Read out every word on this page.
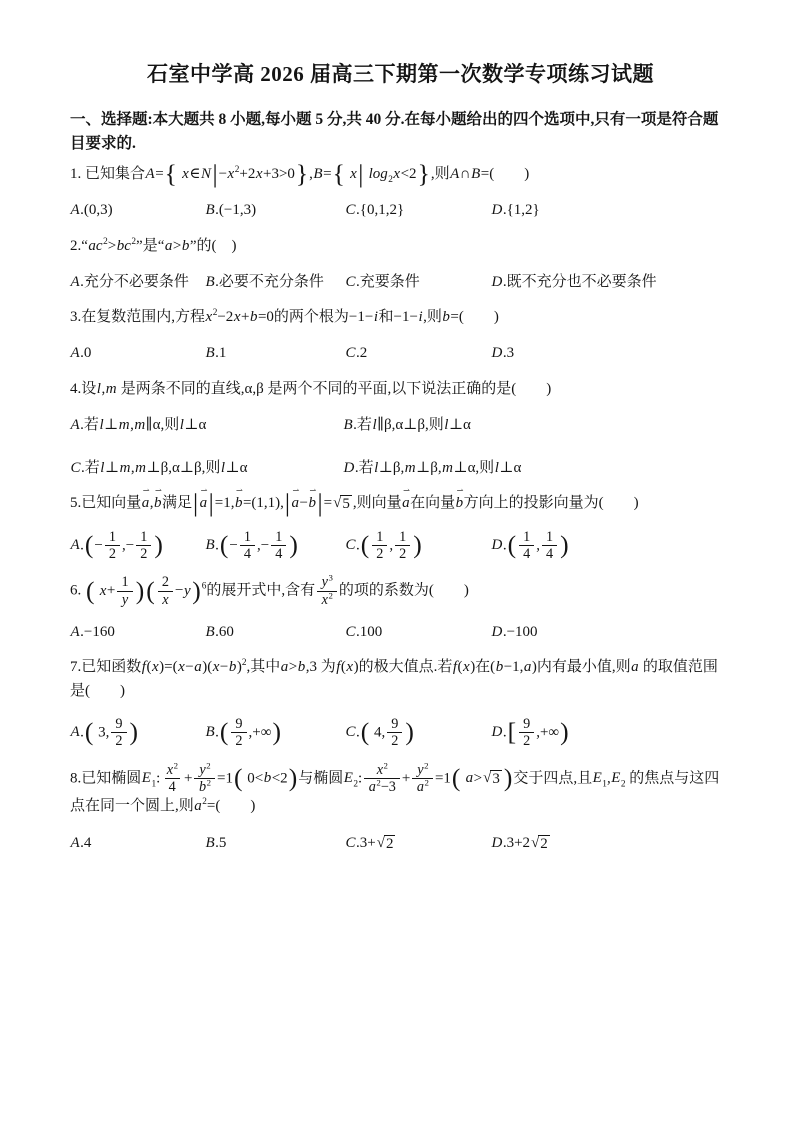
石室中学高 2026 届高三下期第一次数学专项练习试题

一、选择题:本大题共 8 小题,每小题 5 分,共 40 分.在每小题给出的四个选项中,只有一项是符合题目要求的.

1. 已知集合A={ $x\in N|-x^2+2x+3>0\},B=${ x| $\log_2x<2$},则A∩B=(　　)

A.(0,3)	B.(−1,3)	C.{0,1,2}	D.{1,2}

$2.“ac^2>bc^2$”是“a>b”的(　)

A.充分不必要条件	B.必要不充分条件	C.充要条件	D.既不充分也不必要条件

3.在复数范围内,方程$x^2-2x+b=0$的两个根为−1−i和−1−i,则b=(　　)

A.0	B.1	C.2	D.3

4.设l,m 是两条不同的直线,α,β 是两个不同的平面,以下说法正确的是(　　)

A.若l⊥m,m∥α,则l⊥α	B.若l∥β,α⊥β,则l⊥α
C.若l⊥m,m⊥β,α⊥β,则l⊥α	D.若l⊥β,m⊥β,m⊥α,则l⊥α

5.已知向量
⇀
a,
⇀
b满足| ⇀
a|=1,
⇀
b=(1,1),| ⇀
a−
⇀
b|= √ 5 ,则向量
⇀
a在向量
⇀
b方向上的投影向量为(　　)

$A.(- \frac{1}{2}$ ,− $\frac{1}{2}$ )	$B.(- \frac{1}{4}$ ,− $\frac{1}{4}$ )	$C.( \frac{1}{2}$ , $\frac{1}{2}$ )	$D.( \frac{1}{4}$ , $\frac{1}{4}$ )

6. ( $x+ \frac{1}{y}$ )( $\frac{2}{x} -y)^6$的展开式中,含有 $\frac{y^3}{x^2}$ 的项的系数为(　　)

A.−160	B.60	C.100	D.−100

7.已知函数$f(x)=(x-a)(x-b)^2$,其中a>b,3 为f(x)的极大值点.若f(x)在(b−1,a)内有最小值,则a 的取值范围是(　　)

A.( 3, $\frac{9}{2}$ )	$B.( \frac{9}{2}$ ,+∞)	C.( 4, $\frac{9}{2}$ )	$D.[ \frac{9}{2}$ ,+∞)

8.已知椭圆$E_1$: $\frac{x^2}{4} + \frac{y^2}{b^2} =1$( 0<b<2)与椭圆$E_2$: $\frac{x^2}{a^2-3} + \frac{y^2}{a^2} =1$( a> √ 3 )交于四点,且$E_1,E_2$ 的焦点与这四点在同一个圆上,则$a^2=$(　　)

A.4	B.5	C.3+ √ 2	D.3+2 √ 2
